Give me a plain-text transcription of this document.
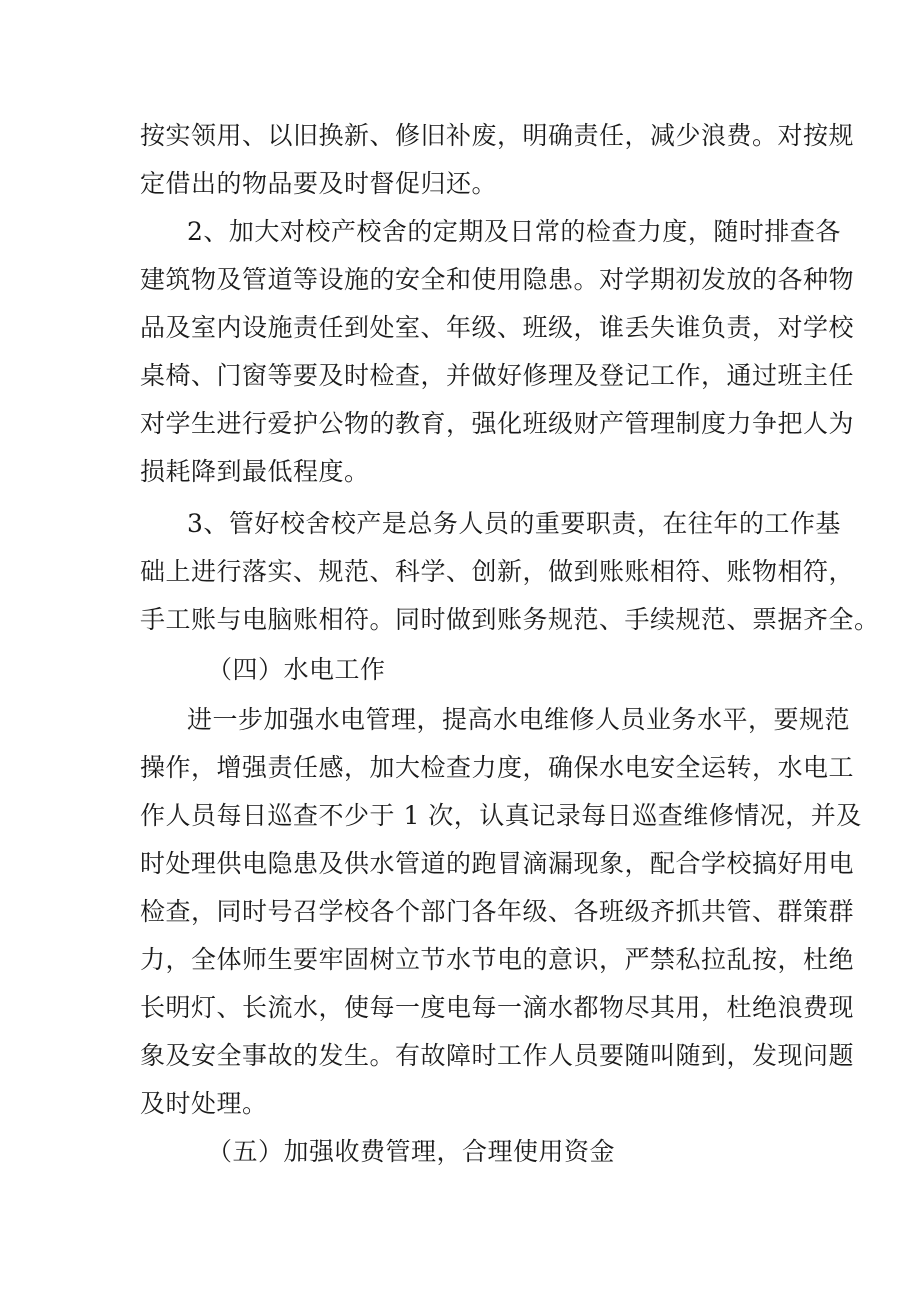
按实领用、以旧换新、修旧补废，明确责任，减少浪费。对按规
定借出的物品要及时督促归还。
2、加大对校产校舍的定期及日常的检查力度，随时排查各
建筑物及管道等设施的安全和使用隐患。对学期初发放的各种物
品及室内设施责任到处室、年级、班级，谁丢失谁负责，对学校
桌椅、门窗等要及时检查，并做好修理及登记工作，通过班主任
对学生进行爱护公物的教育，强化班级财产管理制度力争把人为
损耗降到最低程度。
3、管好校舍校产是总务人员的重要职责，在往年的工作基
础上进行落实、规范、科学、创新，做到账账相符、账物相符，
手工账与电脑账相符。同时做到账务规范、手续规范、票据齐全。
（四）水电工作
进一步加强水电管理，提高水电维修人员业务水平，要规范
操作，增强责任感，加大检查力度，确保水电安全运转，水电工
作人员每日巡查不少于 1 次，认真记录每日巡查维修情况，并及
时处理供电隐患及供水管道的跑冒滴漏现象，配合学校搞好用电
检查，同时号召学校各个部门各年级、各班级齐抓共管、群策群
力，全体师生要牢固树立节水节电的意识，严禁私拉乱按，杜绝
长明灯、长流水，使每一度电每一滴水都物尽其用，杜绝浪费现
象及安全事故的发生。有故障时工作人员要随叫随到，发现问题
及时处理。
（五）加强收费管理，合理使用资金
